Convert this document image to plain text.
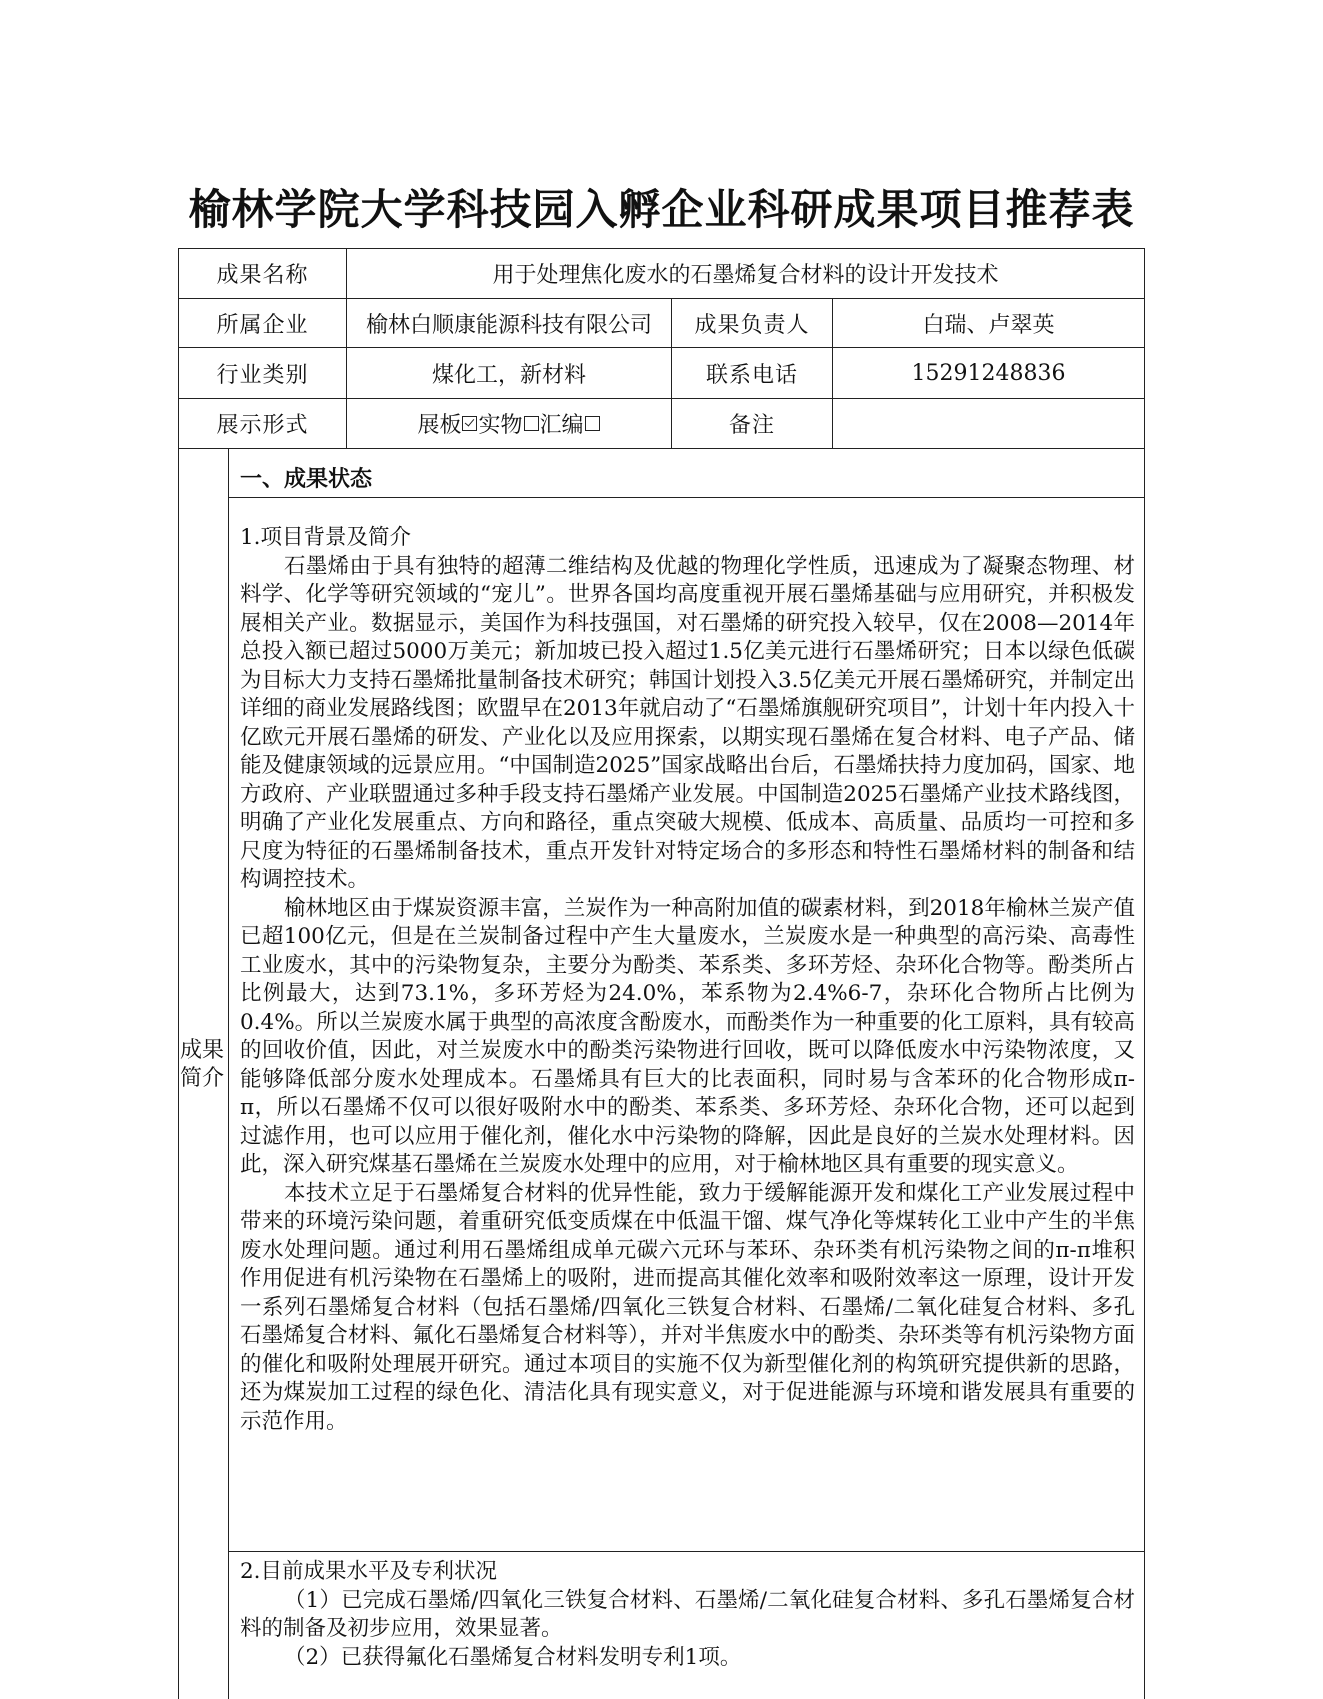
榆林学院大学科技园入孵企业科研成果项目推荐表
成果名称	用于处理焦化废水的石墨烯复合材料的设计开发技术
所属企业	榆林白顺康能源科技有限公司	成果负责人	白瑞、卢翠英
行业类别	煤化工，新材料	联系电话	15291248836
展示形式	展板 实物 汇编	备注
成果简介
一、成果状态

1.项目背景及简介

石墨烯由于具有独特的超薄二维结构及优越的物理化学性质，迅速成为了凝聚态物理、材料学、化学等研究领域的“宠儿”。世界各国均高度重视开展石墨烯基础与应用研究，并积极发展相关产业。数据显示，美国作为科技强国，对石墨烯的研究投入较早，仅在2008—2014年总投入额已超过5000万美元；新加坡已投入超过1.5亿美元进行石墨烯研究；日本以绿色低碳为目标大力支持石墨烯批量制备技术研究；韩国计划投入3.5亿美元开展石墨烯研究，并制定出详细的商业发展路线图；欧盟早在2013年就启动了“石墨烯旗舰研究项目”，计划十年内投入十亿欧元开展石墨烯的研发、产业化以及应用探索，以期实现石墨烯在复合材料、电子产品、储能及健康领域的远景应用。“中国制造2025”国家战略出台后，石墨烯扶持力度加码，国家、地方政府、产业联盟通过多种手段支持石墨烯产业发展。中国制造2025石墨烯产业技术路线图，明确了产业化发展重点、方向和路径，重点突破大规模、低成本、高质量、品质均一可控和多尺度为特征的石墨烯制备技术，重点开发针对特定场合的多形态和特性石墨烯材料的制备和结构调控技术。

榆林地区由于煤炭资源丰富，兰炭作为一种高附加值的碳素材料，到2018年榆林兰炭产值已超100亿元，但是在兰炭制备过程中产生大量废水，兰炭废水是一种典型的高污染、高毒性工业废水，其中的污染物复杂，主要分为酚类、苯系类、多环芳烃、杂环化合物等。酚类所占比例最大，达到73.1%，多环芳烃为24.0%，苯系物为2.4%6-7，杂环化合物所占比例为0.4%。所以兰炭废水属于典型的高浓度含酚废水，而酚类作为一种重要的化工原料，具有较高的回收价值，因此，对兰炭废水中的酚类污染物进行回收，既可以降低废水中污染物浓度，又能够降低部分废水处理成本。石墨烯具有巨大的比表面积，同时易与含苯环的化合物形成π-π，所以石墨烯不仅可以很好吸附水中的酚类、苯系类、多环芳烃、杂环化合物，还可以起到过滤作用，也可以应用于催化剂，催化水中污染物的降解，因此是良好的兰炭水处理材料。因此，深入研究煤基石墨烯在兰炭废水处理中的应用，对于榆林地区具有重要的现实意义。

本技术立足于石墨烯复合材料的优异性能，致力于缓解能源开发和煤化工产业发展过程中带来的环境污染问题，着重研究低变质煤在中低温干馏、煤气净化等煤转化工业中产生的半焦废水处理问题。通过利用石墨烯组成单元碳六元环与苯环、杂环类有机污染物之间的π-π堆积作用促进有机污染物在石墨烯上的吸附，进而提高其催化效率和吸附效率这一原理，设计开发一系列石墨烯复合材料（包括石墨烯/四氧化三铁复合材料、石墨烯/二氧化硅复合材料、多孔石墨烯复合材料、氟化石墨烯复合材料等），并对半焦废水中的酚类、杂环类等有机污染物方面的催化和吸附处理展开研究。通过本项目的实施不仅为新型催化剂的构筑研究提供新的思路，还为煤炭加工过程的绿色化、清洁化具有现实意义，对于促进能源与环境和谐发展具有重要的示范作用。

2.目前成果水平及专利状况

（1）已完成石墨烯/四氧化三铁复合材料、石墨烯/二氧化硅复合材料、多孔石墨烯复合材料的制备及初步应用，效果显著。

（2）已获得氟化石墨烯复合材料发明专利1项。
